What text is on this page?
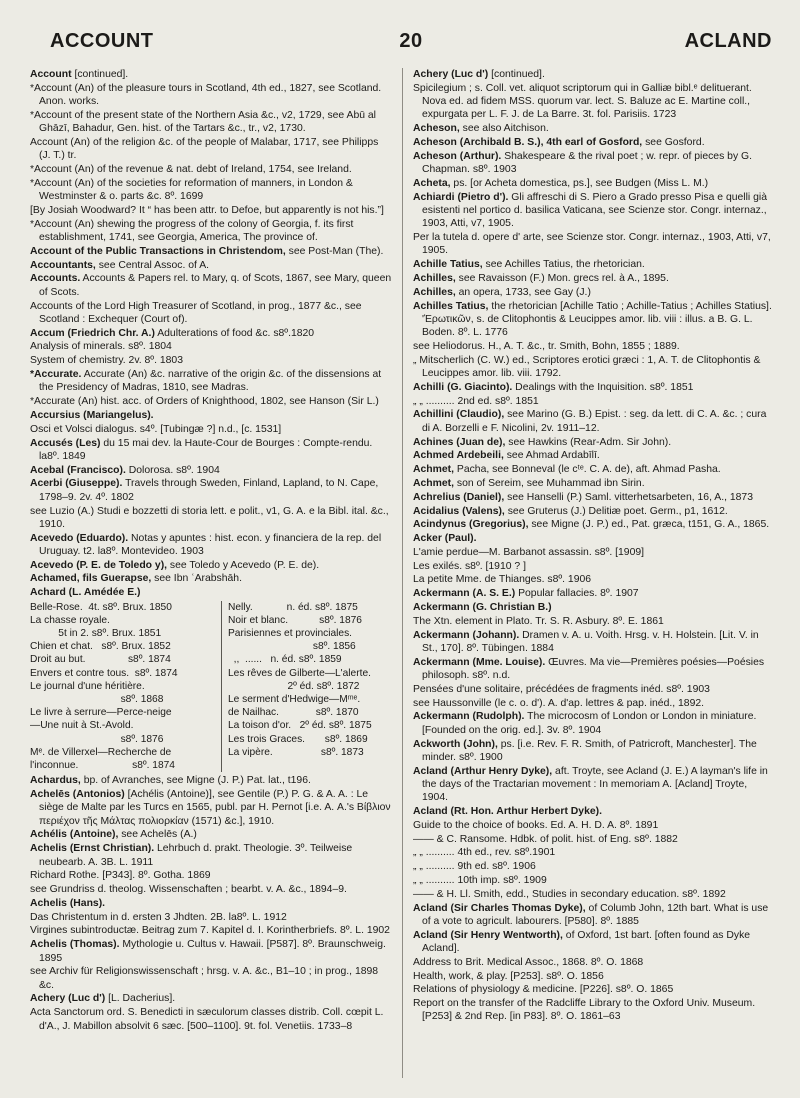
ACCOUNT	20	ACLAND
Account [continued].
*Account (An) of the pleasure tours in Scotland, 4th ed., 1827, see Scotland. Anon. works.
*Account of the present state of the Northern Asia &c., v2, 1729, see Abū al Ghāzī, Bahadur, Gen. hist. of the Tartars &c., tr., v2, 1730.
Account (An) of the religion &c. of the people of Malabar, 1717, see Philipps (J. T.) tr.
*Account (An) of the revenue & nat. debt of Ireland, 1754, see Ireland.
*Account (An) of the societies for reformation of manners, in London & Westminster & o. parts &c. 8º. 1699
[By Josiah Woodward? It “ has been attr. to Defoe, but apparently is not his.”]
*Account (An) shewing the progress of the colony of Georgia, f. its first establishment, 1741, see Georgia, America, The province of.
Account of the Public Transactions in Christendom, see Post-Man (The).
Accountants, see Central Assoc. of A.
Accounts. Accounts & Papers rel. to Mary, q. of Scots, 1867, see Mary, queen of Scots.
Accounts of the Lord High Treasurer of Scotland, in prog., 1877 &c., see Scotland : Exchequer (Court of).
Accum (Friedrich Chr. A.) Adulterations of food &c. s8º.1820
Analysis of minerals. s8º. 1804
System of chemistry. 2v. 8º. 1803
*Accurate. Accurate (An) &c. narrative of the origin &c. of the dissensions at the Presidency of Madras, 1810, see Madras.
*Accurate (An) hist. acc. of Orders of Knighthood, 1802, see Hanson (Sir L.)
Accursius (Mariangelus).
Osci et Volsci dialogus. s4º. [Tubingæ ?] n.d., [c. 1531]
Accusés (Les) du 15 mai dev. la Haute-Cour de Bourges : Compte-rendu. la8º. 1849
Acebal (Francisco). Dolorosa. s8º. 1904
Acerbi (Giuseppe). Travels through Sweden, Finland, Lapland, to N. Cape, 1798–9. 2v. 4º. 1802
see Luzio (A.) Studi e bozzetti di storia lett. e polit., v1, G. A. e la Bibl. ital. &c., 1910.
Acevedo (Eduardo). Notas y apuntes : hist. econ. y financiera de la rep. del Uruguay. t2. la8º. Montevideo. 1903
Acevedo (P. E. de Toledo y), see Toledo y Acevedo (P. E. de).
Achamed, fils Guerapse, see Ibn ʿArabshāh.
Achard (L. Amédée E.)
Belle-Rose.  4t. s8º. Brux. 1850
La chasse royale.
5t in 2. s8º. Brux. 1851
Chien et chat.   s8º. Brux. 1852
Droit au but.               s8º. 1874
Envers et contre tous.  s8º. 1874
Le journal d'une héritière.
s8º. 1868
Le livre à serrure—Perce-neige
—Une nuit à St.-Avold.
s8º. 1876
Mᵉ. de Villerxel—Recherche de
l'inconnue.                   s8º. 1874
Nelly.            n. éd. s8º. 1875
Noir et blanc.           s8º. 1876
Parisiennes et provinciales.
s8º. 1856
,,  ......   n. éd. s8º. 1859
Les rêves de Gilberte—L'alerte.
2º éd. s8º. 1872
Le serment d'Hedwige—Mᵐᵉ.
de Nailhac.             s8º. 1870
La toison d'or.   2º éd. s8º. 1875
Les trois Graces.       s8º. 1869
La vipère.                 s8º. 1873
Achardus, bp. of Avranches, see Migne (J. P.) Pat. lat., t196.
Achelēs (Antonios) [Achélis (Antoine)], see Gentile (P.) P. G. & A. A. : Le siège de Malte par les Turcs en 1565, publ. par H. Pernot [i.e. A. Α.'s Βίβλιον περιέχον τῆς Μάλτας πολιορκίαν (1571) &c.], 1910.
Achélis (Antoine), see Achelēs (A.)
Achelis (Ernst Christian). Lehrbuch d. prakt. Theologie. 3º. Teilweise neubearb. A. 3B. L. 1911
Richard Rothe. [P343]. 8º. Gotha. 1869
see Grundriss d. theolog. Wissenschaften ; bearbt. v. A. &c., 1894–9.
Achelis (Hans).
Das Christentum in d. ersten 3 Jhdten. 2B. la8º. L. 1912
Virgines subintroductæ. Beitrag zum 7. Kapitel d. I. Korintherbriefs. 8º. L. 1902
Achelis (Thomas). Mythologie u. Cultus v. Hawaii. [P587]. 8º. Braunschweig. 1895
see Archiv für Religionswissenschaft ; hrsg. v. A. &c., B1–10 ; in prog., 1898 &c.
Achery (Luc d') [L. Dacherius].
Acta Sanctorum ord. S. Benedicti in sæculorum classes distrib. Coll. cœpit L. d'A., J. Mabillon absolvit 6 sæc. [500–1100]. 9t. fol. Venetiis. 1733–8
Achery (Luc d') [continued].
Spicilegium ; s. Coll. vet. aliquot scriptorum qui in Galliæ bibl.ᵉ delituerant. Nova ed. ad fidem MSS. quorum var. lect. S. Baluze ac E. Martine coll., expurgata per L. F. J. de La Barre. 3t. fol. Parisiis. 1723
Acheson, see also Aitchison.
Acheson (Archibald B. S.), 4th earl of Gosford, see Gosford.
Acheson (Arthur). Shakespeare & the rival poet ; w. repr. of pieces by G. Chapman. s8º. 1903
Acheta, ps. [or Acheta domestica, ps.], see Budgen (Miss L. M.)
Achiardi (Pietro d'). Gli affreschi di S. Piero a Grado presso Pisa e quelli già esistenti nel portico d. basilica Vaticana, see Scienze stor. Congr. internaz., 1903, Atti, v7, 1905.
Per la tutela d. opere d' arte, see Scienze stor. Congr. internaz., 1903, Atti, v7, 1905.
Achille Tatius, see Achilles Tatius, the rhetorician.
Achilles, see Ravaisson (F.) Mon. grecs rel. à A., 1895.
Achilles, an opera, 1733, see Gay (J.)
Achilles Tatius, the rhetorician [Achille Tatio ; Achille-Tatius ; Achilles Statius]. 'Ἐρωτικῶν, s. de Clitophontis & Leucippes amor. lib. viii : illus. a B. G. L. Boden. 8º. L. 1776
see Heliodorus. H., A. T. &c., tr. Smith, Bohn, 1855 ; 1889.
„ Mitscherlich (C. W.) ed., Scriptores erotici græci : 1, A. T. de Clitophontis & Leucippes amor. lib. viii. 1792.
Achilli (G. Giacinto). Dealings with the Inquisition. s8º. 1851
„ „ .......... 2nd ed. s8º. 1851
Achillini (Claudio), see Marino (G. B.) Epist. : seg. da lett. di C. A. &c. ; cura di A. Borzelli e F. Nicolini, 2v. 1911–12.
Achines (Juan de), see Hawkins (Rear-Adm. Sir John).
Achmed Ardebeili, see Ahmad Ardabīlī.
Achmet, Pacha, see Bonneval (le cᵗᵉ. C. A. de), aft. Ahmad Pasha.
Achmet, son of Sereim, see Muhammad ibn Sirin.
Achrelius (Daniel), see Hanselli (P.) Saml. vitterhetsarbeten, 16, A., 1873
Acidalius (Valens), see Gruterus (J.) Delitiæ poet. Germ., p1, 1612.
Acindynus (Gregorius), see Migne (J. P.) ed., Pat. græca, t151, G. A., 1865.
Acker (Paul).
L'amie perdue—M. Barbanot assassin. s8º. [1909]
Les exilés. s8º. [1910 ? ]
La petite Mme. de Thianges. s8º. 1906
Ackermann (A. S. E.) Popular fallacies. 8º. 1907
Ackermann (G. Christian B.)
The Xtn. element in Plato. Tr. S. R. Asbury. 8º. E. 1861
Ackermann (Johann). Dramen v. A. u. Voith. Hrsg. v. H. Holstein. [Lit. V. in St., 170]. 8º. Tübingen. 1884
Ackermann (Mme. Louise). Œuvres. Ma vie—Premières poésies—Poésies philosoph. s8º. n.d.
Pensées d'une solitaire, précédées de fragments inéd. s8º. 1903
see Haussonville (le c. o. d'). A. d'ap. lettres & pap. inéd., 1892.
Ackermann (Rudolph). The microcosm of London or London in miniature. [Founded on the orig. ed.]. 3v. 8º. 1904
Ackworth (John), ps. [i.e. Rev. F. R. Smith, of Patricroft, Manchester]. The minder. s8º. 1900
Acland (Arthur Henry Dyke), aft. Troyte, see Acland (J. E.) A layman's life in the days of the Tractarian movement : In memoriam A. [Acland] Troyte, 1904.
Acland (Rt. Hon. Arthur Herbert Dyke).
Guide to the choice of books. Ed. A. H. D. A. 8º. 1891
—— & C. Ransome. Hdbk. of polit. hist. of Eng. s8º. 1882
„ „ .......... 4th ed., rev. s8º.1901
„ „ .......... 9th ed. s8º. 1906
„ „ .......... 10th imp. s8º. 1909
—— & H. Ll. Smith, edd., Studies in secondary education. s8º. 1892
Acland (Sir Charles Thomas Dyke), of Columb John, 12th bart. What is use of a vote to agricult. labourers. [P580]. 8º. 1885
Acland (Sir Henry Wentworth), of Oxford, 1st bart. [often found as Dyke Acland].
Address to Brit. Medical Assoc., 1868. 8º. O. 1868
Health, work, & play. [P253]. s8º. O. 1856
Relations of physiology & medicine. [P226]. s8º. O. 1865
Report on the transfer of the Radcliffe Library to the Oxford Univ. Museum. [P253] & 2nd Rep. [in P83]. 8º. O. 1861–63
